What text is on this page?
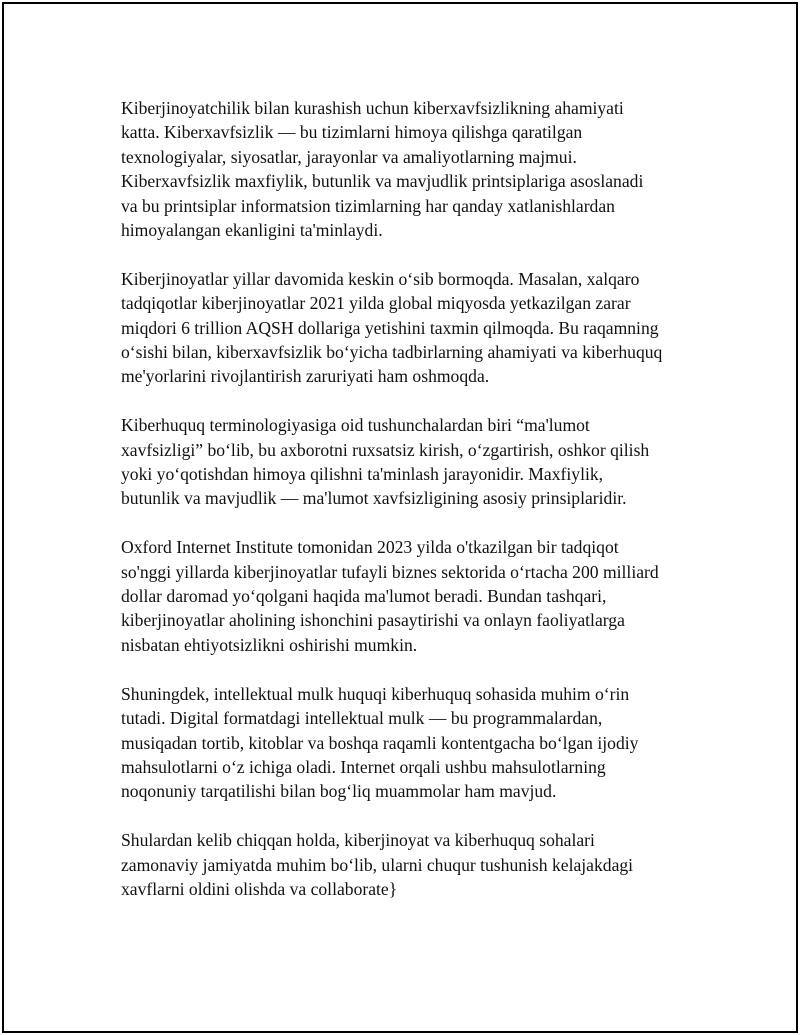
Kiberjinoyatchilik bilan kurashish uchun kiberxavfsizlikning ahamiyati
katta. Kiberxavfsizlik — bu tizimlarni himoya qilishga qaratilgan
texnologiyalar, siyosatlar, jarayonlar va amaliyotlarning majmui.
Kiberxavfsizlik maxfiylik, butunlik va mavjudlik printsiplariga asoslanadi
va bu printsiplar informatsion tizimlarning har qanday xatlanishlardan
himoyalangan ekanligini ta'minlaydi.

Kiberjinoyatlar yillar davomida keskin o‘sib bormoqda. Masalan, xalqaro
tadqiqotlar kiberjinoyatlar 2021 yilda global miqyosda yetkazilgan zarar
miqdori 6 trillion AQSH dollariga yetishini taxmin qilmoqda. Bu raqamning
o‘sishi bilan, kiberxavfsizlik bo‘yicha tadbirlarning ahamiyati va kiberhuquq
me'yorlarini rivojlantirish zaruriyati ham oshmoqda.

Kiberhuquq terminologiyasiga oid tushunchalardan biri “ma'lumot
xavfsizligi” bo‘lib, bu axborotni ruxsatsiz kirish, o‘zgartirish, oshkor qilish
yoki yo‘qotishdan himoya qilishni ta'minlash jarayonidir. Maxfiylik,
butunlik va mavjudlik — ma'lumot xavfsizligining asosiy prinsiplaridir.

Oxford Internet Institute tomonidan 2023 yilda o'tkazilgan bir tadqiqot
so'nggi yillarda kiberjinoyatlar tufayli biznes sektorida o‘rtacha 200 milliard
dollar daromad yo‘qolgani haqida ma'lumot beradi. Bundan tashqari,
kiberjinoyatlar aholining ishonchini pasaytirishi va onlayn faoliyatlarga
nisbatan ehtiyotsizlikni oshirishi mumkin.

Shuningdek, intellektual mulk huquqi kiberhuquq sohasida muhim o‘rin
tutadi. Digital formatdagi intellektual mulk — bu programmalardan,
musiqadan tortib, kitoblar va boshqa raqamli kontentgacha bo‘lgan ijodiy
mahsulotlarni o‘z ichiga oladi. Internet orqali ushbu mahsulotlarning
noqonuniy tarqatilishi bilan bog‘liq muammolar ham mavjud.

Shulardan kelib chiqqan holda, kiberjinoyat va kiberhuquq sohalari
zamonaviy jamiyatda muhim bo‘lib, ularni chuqur tushunish kelajakdagi
xavflarni oldini olishda va collaborate}
